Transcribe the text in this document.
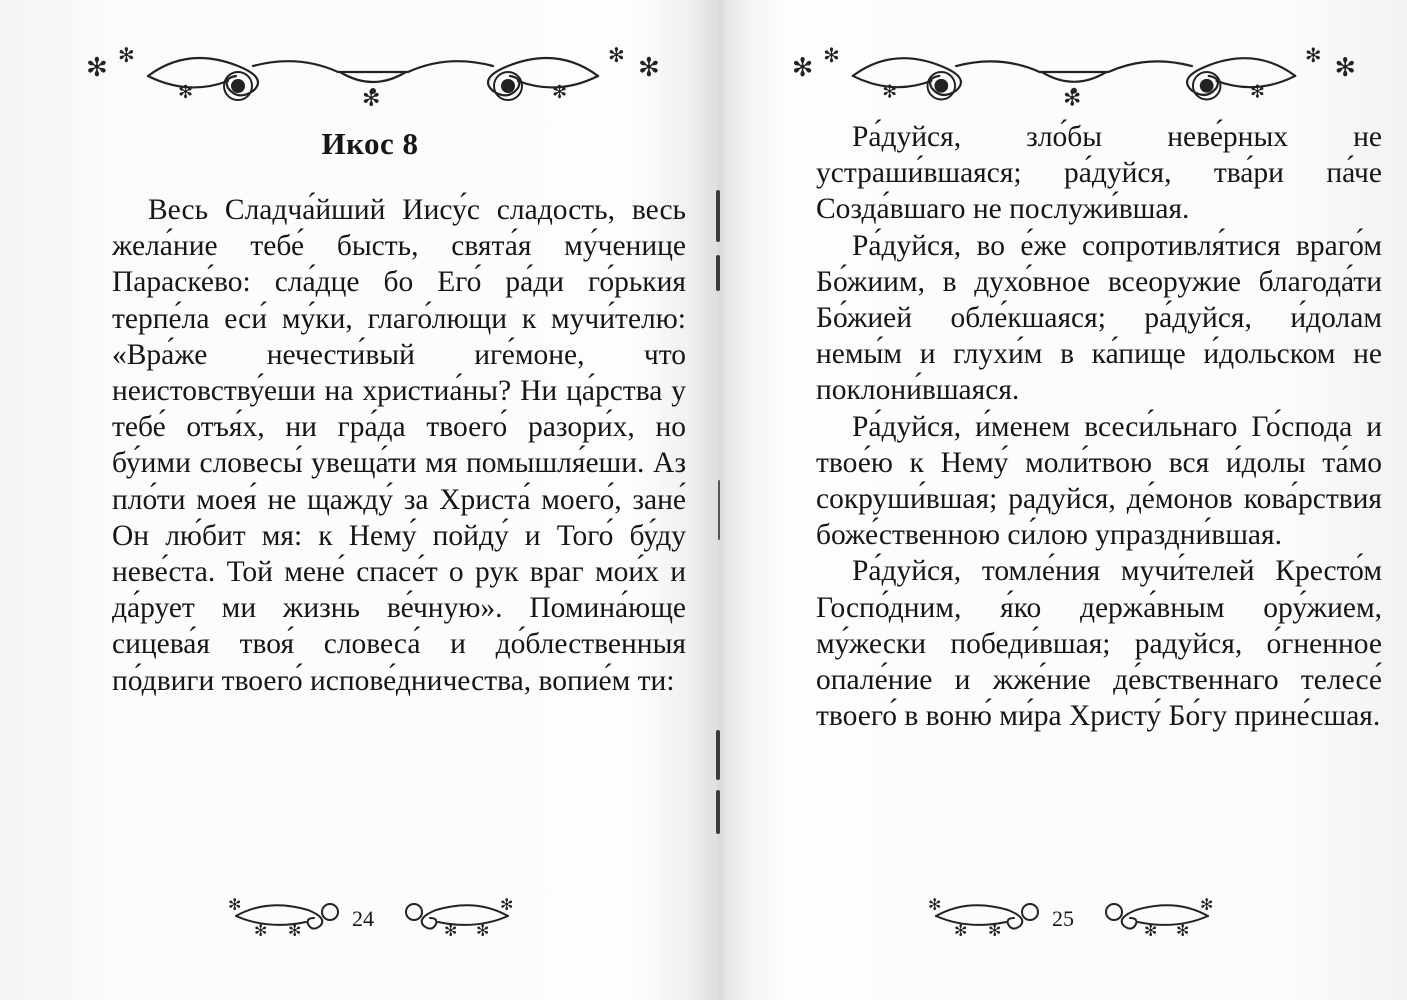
✻ ✻	✻
✻
✻
✻	✻
Икос 8

Весь Сладча́йший Иису́с сладость, весь жела́ние тебе́ бысть, свята́я му́ченице Параске́во: сла́дце бо Его́ ра́ди го́рькия терпе́ла еси́ му́ки, глаго́лющи к мучи́телю: «Вра́же нечести́вый иге́моне, что неистовству́еши на христиа́ны? Ни ца́рства у тебе́ отъя́х, ни гра́да твоего́ разори́х, но бу́ими словесы́ увеща́ти мя помышля́еши. Аз пло́ти моея́ не щажду́ за Христа́ моего́, зане́ Он лю́бит мя: к Нему́ пойду́ и Того́ бу́ду неве́ста. Той мене́ спасе́т о рук враг мои́х и да́рует ми жизнь ве́чную». Помина́юще сицева́я твоя́ словеса́ и до́блественныя по́двиги твоего́ испове́дничества, вопие́м ти:

✻
✻ ✻ 24
✻
✻
✻
✻ ✻	✻
✻
✻
✻	✻

Ра́дуйся, зло́бы неве́рных не устраши́вшаяся; ра́дуйся, тва́ри па́че Созда́вшаго не послужи́вшая.

Ра́дуйся, во е́же сопротивля́тися враго́м Бо́жиим, в духо́вное всеоружие благода́ти Бо́жией обле́кшаяся; ра́дуйся, и́долам немы́м и глухи́м в ка́пище и́дольском не поклони́вшаяся.

Ра́дуйся, и́менем всеси́льнаго Го́спода и твое́ю к Нему́ моли́твою вся и́долы та́мо сокруши́вшая; радуйся, де́монов кова́рствия боже́ственною си́лою упраздни́вшая.

Ра́дуйся, томле́ния мучи́телей Кресто́м Госпо́дним, я́ко держа́вным ору́жием, му́жески победи́вшая; радуйся, о́гненное опале́ние и жже́ние де́вственнаго телесе́ твоего́ в воню́ ми́ра Христу́ Бо́гу прине́сшая.

✻
✻ ✻ 25
✻
✻
✻
